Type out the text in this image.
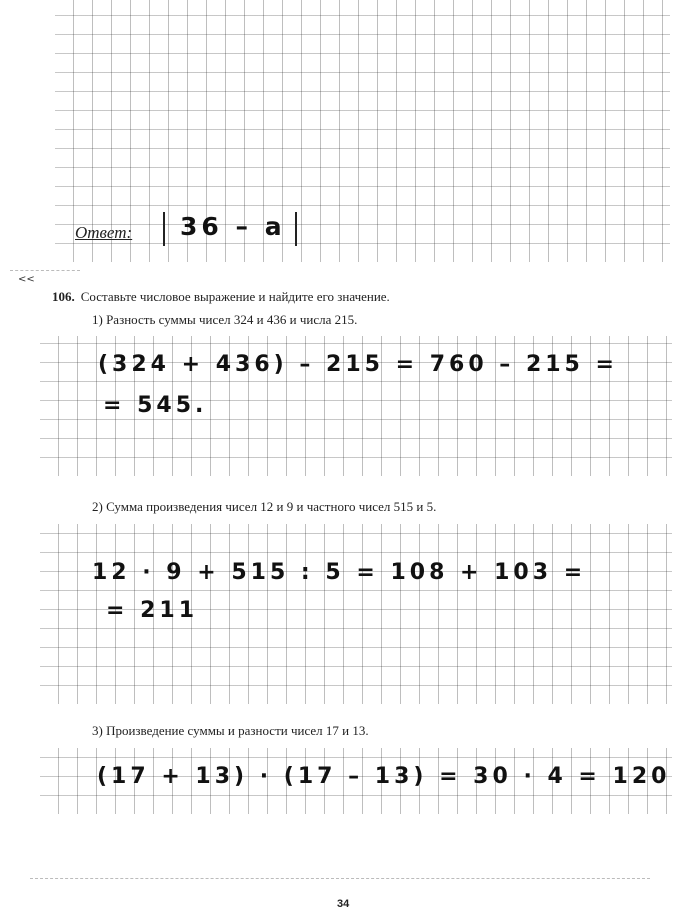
Ответ: 36 – a
<<
106. Составьте числовое выражение и найдите его значение.
1) Разность суммы чисел 324 и 436 и числа 215.
(324 + 436) – 215 = 760 – 215 =
= 545.
2) Сумма произведения чисел 12 и 9 и частного чисел 515 и 5.
12 · 9 + 515 : 5 = 108 + 103 =
= 211
3) Произведение суммы и разности чисел 17 и 13.
(17 + 13) · (17 – 13) = 30 · 4 = 120
34
